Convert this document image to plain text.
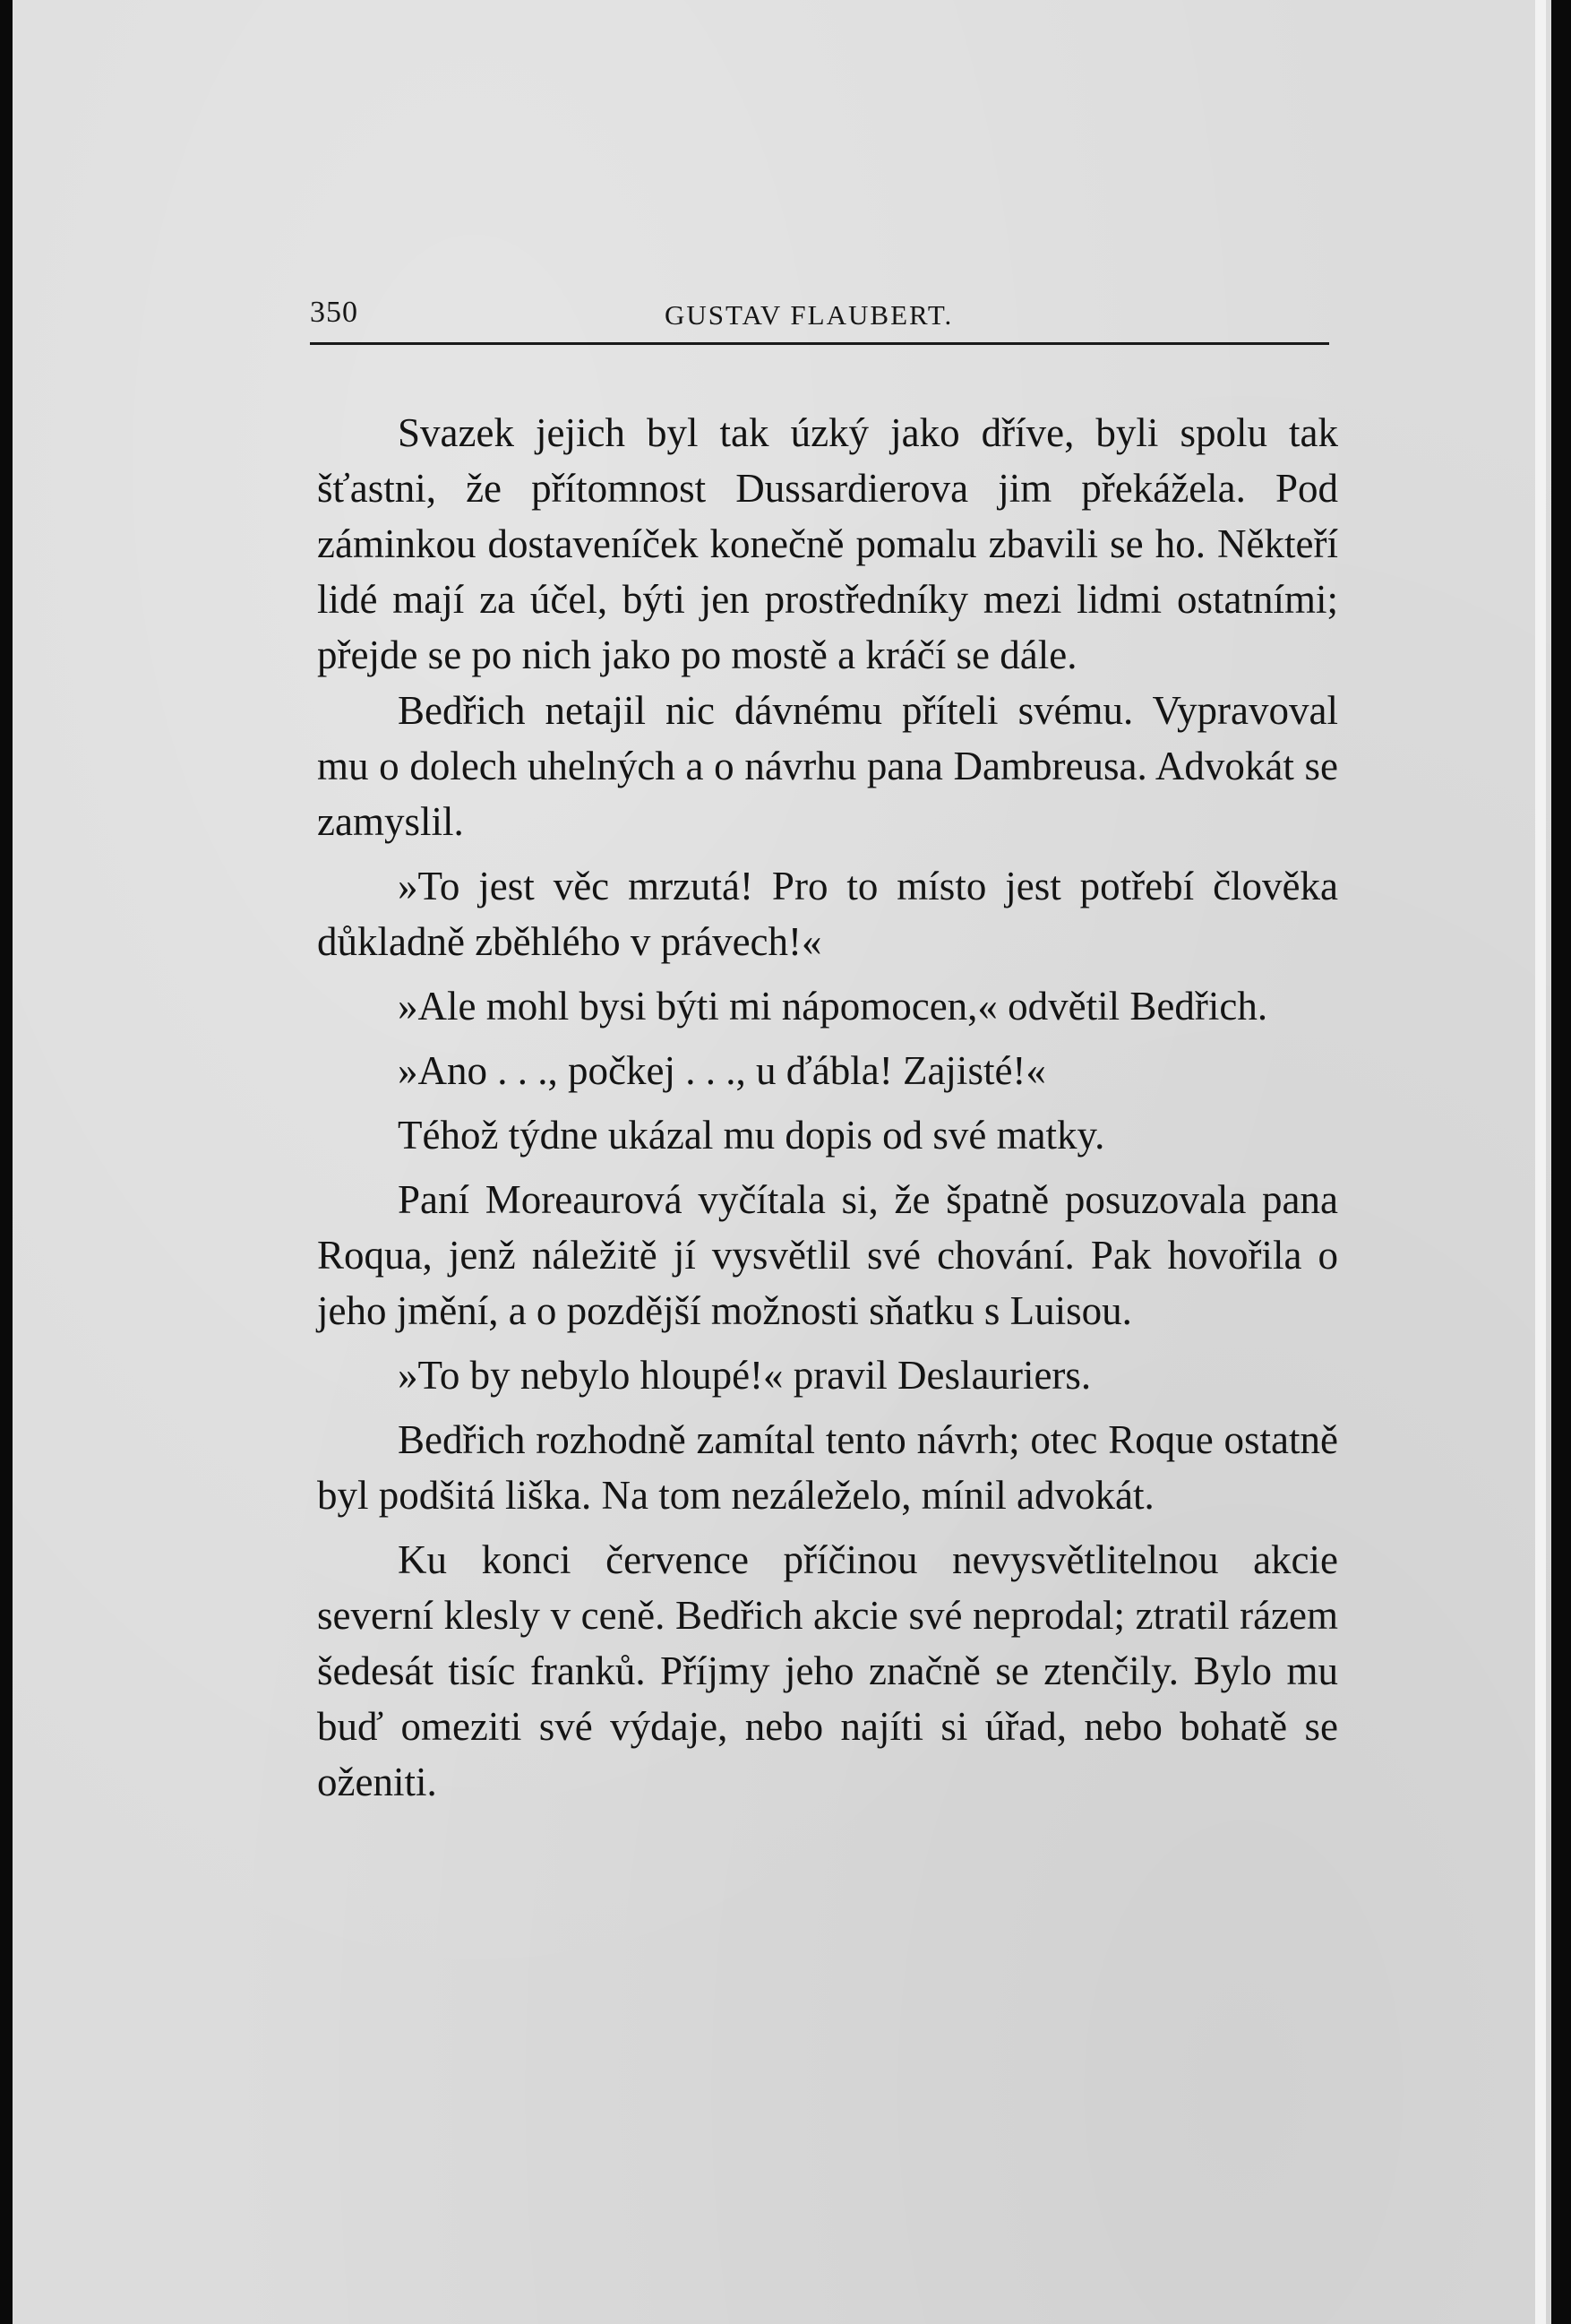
350	GUSTAV FLAUBERT.

Svazek jejich byl tak úzký jako dříve, byli spolu tak šťastni, že přítomnost Dussardierova jim překážela. Pod záminkou dostaveníček konečně pomalu zbavili se ho. Někteří lidé mají za účel, býti jen prostředníky mezi lidmi ostatními; přejde se po nich jako po mostě a kráčí se dále.

Bedřich netajil nic dávnému příteli svému. Vypravoval mu o dolech uhelných a o návrhu pana Dambreusa. Advokát se zamyslil.

»To jest věc mrzutá! Pro to místo jest potřebí člověka důkladně zběhlého v právech!«

»Ale mohl bysi býti mi nápomocen,« odvětil Bedřich.

»Ano . . ., počkej . . ., u ďábla! Zajisté!«

Téhož týdne ukázal mu dopis od své matky.

Paní Moreaurová vyčítala si, že špatně posuzovala pana Roqua, jenž náležitě jí vysvětlil své chování. Pak hovořila o jeho jmění, a o pozdější možnosti sňatku s Luisou.

»To by nebylo hloupé!« pravil Deslauriers.

Bedřich rozhodně zamítal tento návrh; otec Roque ostatně byl podšitá liška. Na tom nezáleželo, mínil advokát.

Ku konci července příčinou nevysvětlitelnou akcie severní klesly v ceně. Bedřich akcie své neprodal; ztratil rázem šedesát tisíc franků. Příjmy jeho značně se ztenčily. Bylo mu buď omeziti své výdaje, nebo najíti si úřad, nebo bohatě se oženiti.
